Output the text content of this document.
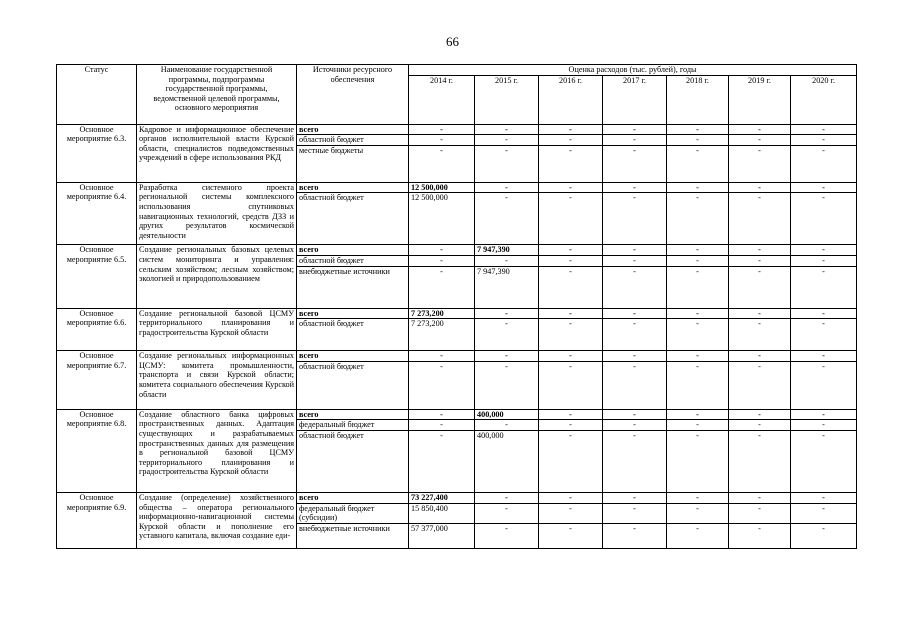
66
Статус	Наименование государственной программы, подпрограммы государственной программы, ведомственной целевой программы, основного мероприятия	Источники ресурсного обеспечения	Оценка расходов (тыс. рублей), годы						
			2014 г.	2015 г.	2016 г.	2017 г.	2018 г.	2019 г.	2020 г.
Основное мероприятие 6.3.	Кадровое и информационное обеспечение органов исполнительной власти Курской области, специалистов подведомственных учреждений в сфере использования РКД	всего	-	-	-	-	-	-	-
		областной бюджет	-	-	-	-	-	-	-
		местные бюджеты	-	-	-	-	-	-	-
Основное мероприятие 6.4.	Разработка системного проекта региональной системы комплексного использования спутниковых навигационных технологий, средств ДЗЗ и других результатов космической деятельности	всего	12 500,000	-	-	-	-	-	-
		областной бюджет	12 500,000	-	-	-	-	-	-
Основное мероприятие 6.5.	Создание региональных базовых целевых систем мониторинга и управления: сельским хозяйством; лесным хозяйством; экологией и природопользованием	всего	-	7 947,390	-	-	-	-	-
		областной бюджет	-	-	-	-	-	-	-
		внебюджетные источники	-	7 947,390	-	-	-	-	-
Основное мероприятие 6.6.	Создание региональной базовой ЦСМУ территориального планирования и градостроительства Курской области	всего	7 273,200	-	-	-	-	-	-
		областной бюджет	7 273,200	-	-	-	-	-	-
Основное мероприятие 6.7.	Создание региональных информационных ЦСМУ: комитета промышленности, транспорта и связи Курской области; комитета социального обеспечения Курской области	всего	-	-	-	-	-	-	-
		областной бюджет	-	-	-	-	-	-	-
Основное мероприятие 6.8.	Создание областного банка цифровых пространственных данных. Адаптация существующих и разрабатываемых пространственных данных для размещения в региональной базовой ЦСМУ территориального планирования и градостроительства Курской области	всего	-	400,000	-	-	-	-	-
		федеральный бюджет	-	-	-	-	-	-	-
		областной бюджет	-	400,000	-	-	-	-	-
Основное мероприятие 6.9.	Создание (определение) хозяйственного общества – оператора регионального информационно-навигационной системы Курской области и пополнение его уставного капитала, включая создание еди-	всего	73 227,400	-	-	-	-	-	-
		федеральный бюджет (субсидии)	15 850,400	-	-	-	-	-	-
		внебюджетные источники	57 377,000	-	-	-	-	-	-
